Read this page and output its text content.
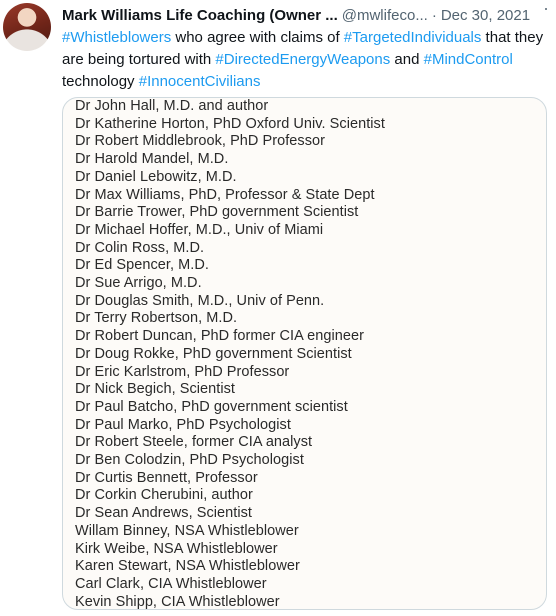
Mark Williams Life Coaching (Owner ... @mwlifeco... · Dec 30, 2021
#Whistleblowers who agree with claims of #TargetedIndividuals that they are being tortured with #DirectedEnergyWeapons and #MindControl technology #InnocentCivilians
Dr John Hall, M.D. and author
Dr Katherine Horton, PhD Oxford Univ. Scientist
Dr Robert Middlebrook, PhD Professor
Dr Harold Mandel, M.D.
Dr Daniel Lebowitz, M.D.
Dr Max Williams, PhD, Professor & State Dept
Dr Barrie Trower, PhD government Scientist
Dr Michael Hoffer, M.D., Univ of Miami
Dr Colin Ross, M.D.
Dr Ed Spencer, M.D.
Dr Sue Arrigo, M.D.
Dr Douglas Smith, M.D., Univ of Penn.
Dr Terry Robertson, M.D.
Dr Robert Duncan, PhD former CIA engineer
Dr Doug Rokke, PhD government Scientist
Dr Eric Karlstrom, PhD Professor
Dr Nick Begich, Scientist
Dr Paul Batcho, PhD government scientist
Dr Paul Marko, PhD Psychologist
Dr Robert Steele, former CIA analyst
Dr Ben Colodzin, PhD Psychologist
Dr Curtis Bennett, Professor
Dr Corkin Cherubini, author
Dr Sean Andrews, Scientist
Willam Binney, NSA Whistleblower
Kirk Weibe, NSA Whistleblower
Karen Stewart, NSA Whistleblower
Carl Clark, CIA Whistleblower
Kevin Shipp, CIA Whistleblower
